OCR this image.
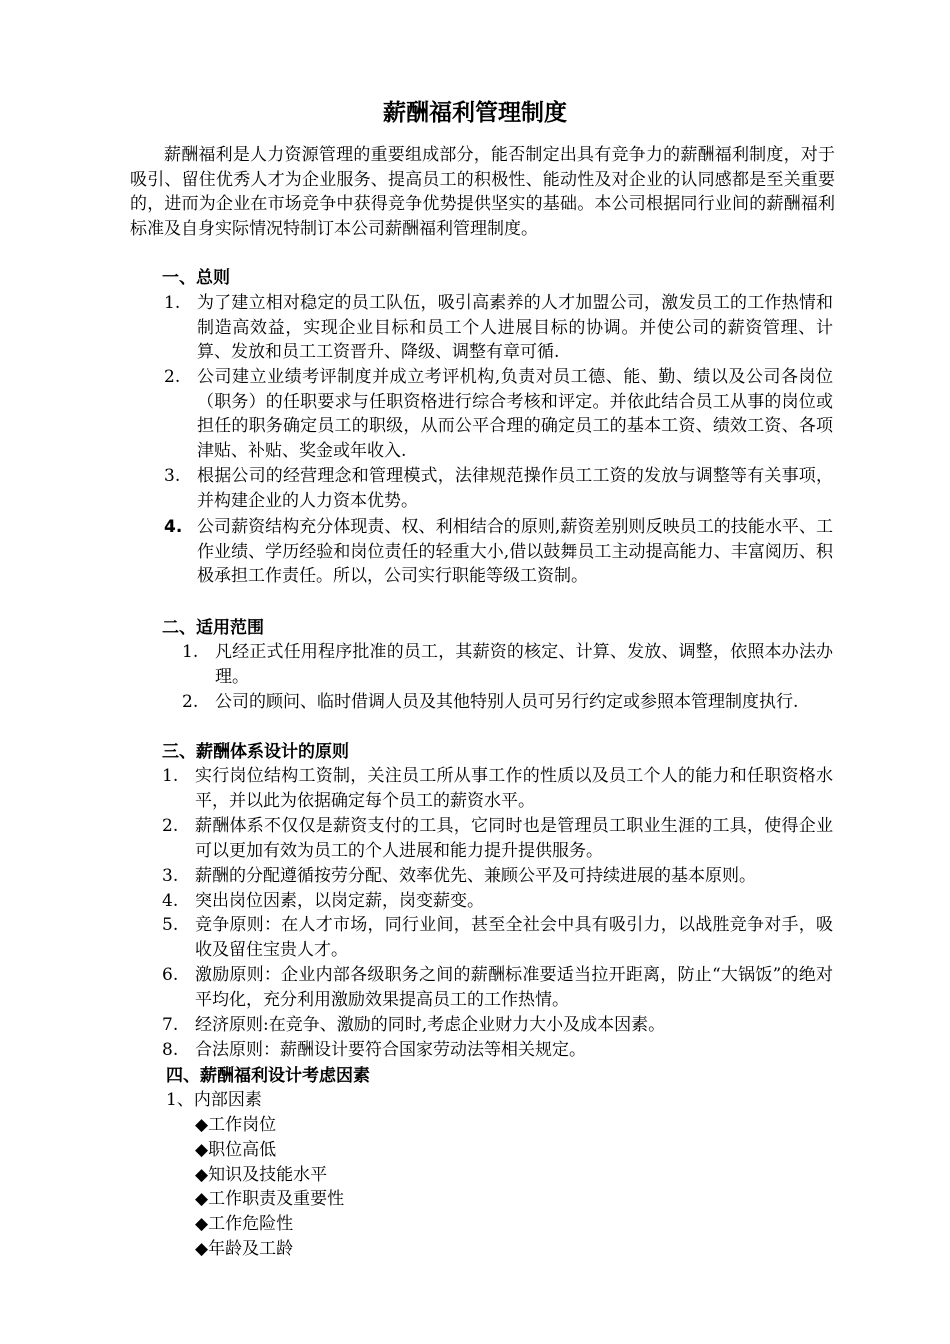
薪酬福利管理制度

薪酬福利是人力资源管理的重要组成部分，能否制定出具有竞争力的薪酬福利制度，对于吸引、留住优秀人才为企业服务、提高员工的积极性、能动性及对企业的认同感都是至关重要的，进而为企业在市场竞争中获得竞争优势提供坚实的基础。本公司根据同行业间的薪酬福利标准及自身实际情况特制订本公司薪酬福利管理制度。

一、总则
1. 为了建立相对稳定的员工队伍，吸引高素养的人才加盟公司，激发员工的工作热情和制造高效益，实现企业目标和员工个人进展目标的协调。并使公司的薪资管理、计算、发放和员工工资晋升、降级、调整有章可循.
2. 公司建立业绩考评制度并成立考评机构,负责对员工德、能、勤、绩以及公司各岗位（职务）的任职要求与任职资格进行综合考核和评定。并依此结合员工从事的岗位或担任的职务确定员工的职级，从而公平合理的确定员工的基本工资、绩效工资、各项津贴、补贴、奖金或年收入.
3. 根据公司的经营理念和管理模式，法律规范操作员工工资的发放与调整等有关事项，并构建企业的人力资本优势。
4. 公司薪资结构充分体现责、权、利相结合的原则,薪资差别则反映员工的技能水平、工作业绩、学历经验和岗位责任的轻重大小,借以鼓舞员工主动提高能力、丰富阅历、积极承担工作责任。所以，公司实行职能等级工资制。
二、适用范围
1. 凡经正式任用程序批准的员工，其薪资的核定、计算、发放、调整，依照本办法办理。
2. 公司的顾问、临时借调人员及其他特别人员可另行约定或参照本管理制度执行.
三、薪酬体系设计的原则
1. 实行岗位结构工资制，关注员工所从事工作的性质以及员工个人的能力和任职资格水平，并以此为依据确定每个员工的薪资水平。
2. 薪酬体系不仅仅是薪资支付的工具，它同时也是管理员工职业生涯的工具，使得企业可以更加有效为员工的个人进展和能力提升提供服务。
3. 薪酬的分配遵循按劳分配、效率优先、兼顾公平及可持续进展的基本原则。
4. 突出岗位因素，以岗定薪，岗变薪变。
5. 竞争原则：在人才市场，同行业间，甚至全社会中具有吸引力，以战胜竞争对手，吸收及留住宝贵人才。
6. 激励原则：企业内部各级职务之间的薪酬标准要适当拉开距离，防止“大锅饭”的绝对平均化，充分利用激励效果提高员工的工作热情。
7. 经济原则:在竞争、激励的同时,考虑企业财力大小及成本因素。
8. 合法原则：薪酬设计要符合国家劳动法等相关规定。
四、薪酬福利设计考虑因素
1、内部因素
◆工作岗位
◆职位高低
◆知识及技能水平
◆工作职责及重要性
◆工作危险性
◆年龄及工龄
